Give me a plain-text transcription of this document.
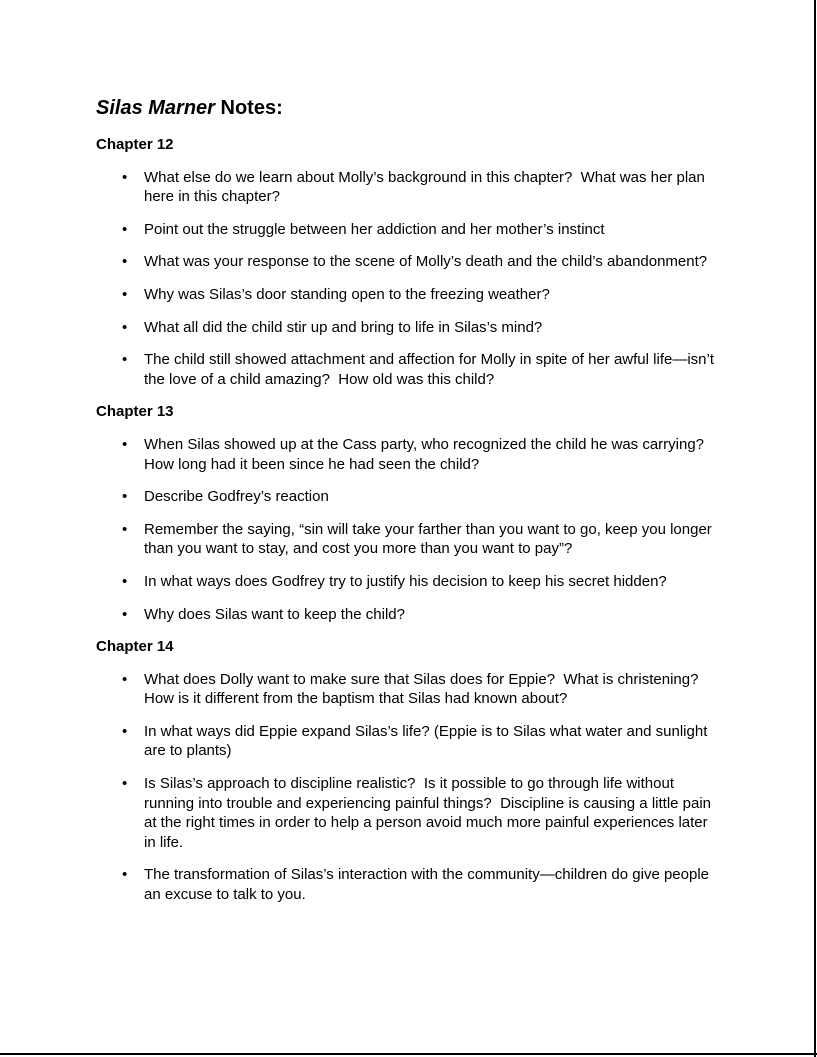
Silas Marner Notes:
Chapter 12
•	What else do we learn about Molly’s background in this chapter?  What was her plan here in this chapter?
•	Point out the struggle between her addiction and her mother’s instinct
•	What was your response to the scene of Molly’s death and the child’s abandonment?
•	Why was Silas’s door standing open to the freezing weather?
•	What all did the child stir up and bring to life in Silas’s mind?
•	The child still showed attachment and affection for Molly in spite of her awful life—isn’t the love of a child amazing?  How old was this child?
Chapter 13
•	When Silas showed up at the Cass party, who recognized the child he was carrying?  How long had it been since he had seen the child?
•	Describe Godfrey’s reaction
•	Remember the saying, “sin will take your farther than you want to go, keep you longer than you want to stay, and cost you more than you want to pay”?
•	In what ways does Godfrey try to justify his decision to keep his secret hidden?
•	Why does Silas want to keep the child?
Chapter 14
•	What does Dolly want to make sure that Silas does for Eppie?  What is christening?  How is it different from the baptism that Silas had known about?
•	In what ways did Eppie expand Silas’s life? (Eppie is to Silas what water and sunlight are to plants)
•	Is Silas’s approach to discipline realistic?  Is it possible to go through life without running into trouble and experiencing painful things?  Discipline is causing a little pain at the right times in order to help a person avoid much more painful experiences later in life.
•	The transformation of Silas’s interaction with the community—children do give people an excuse to talk to you.
